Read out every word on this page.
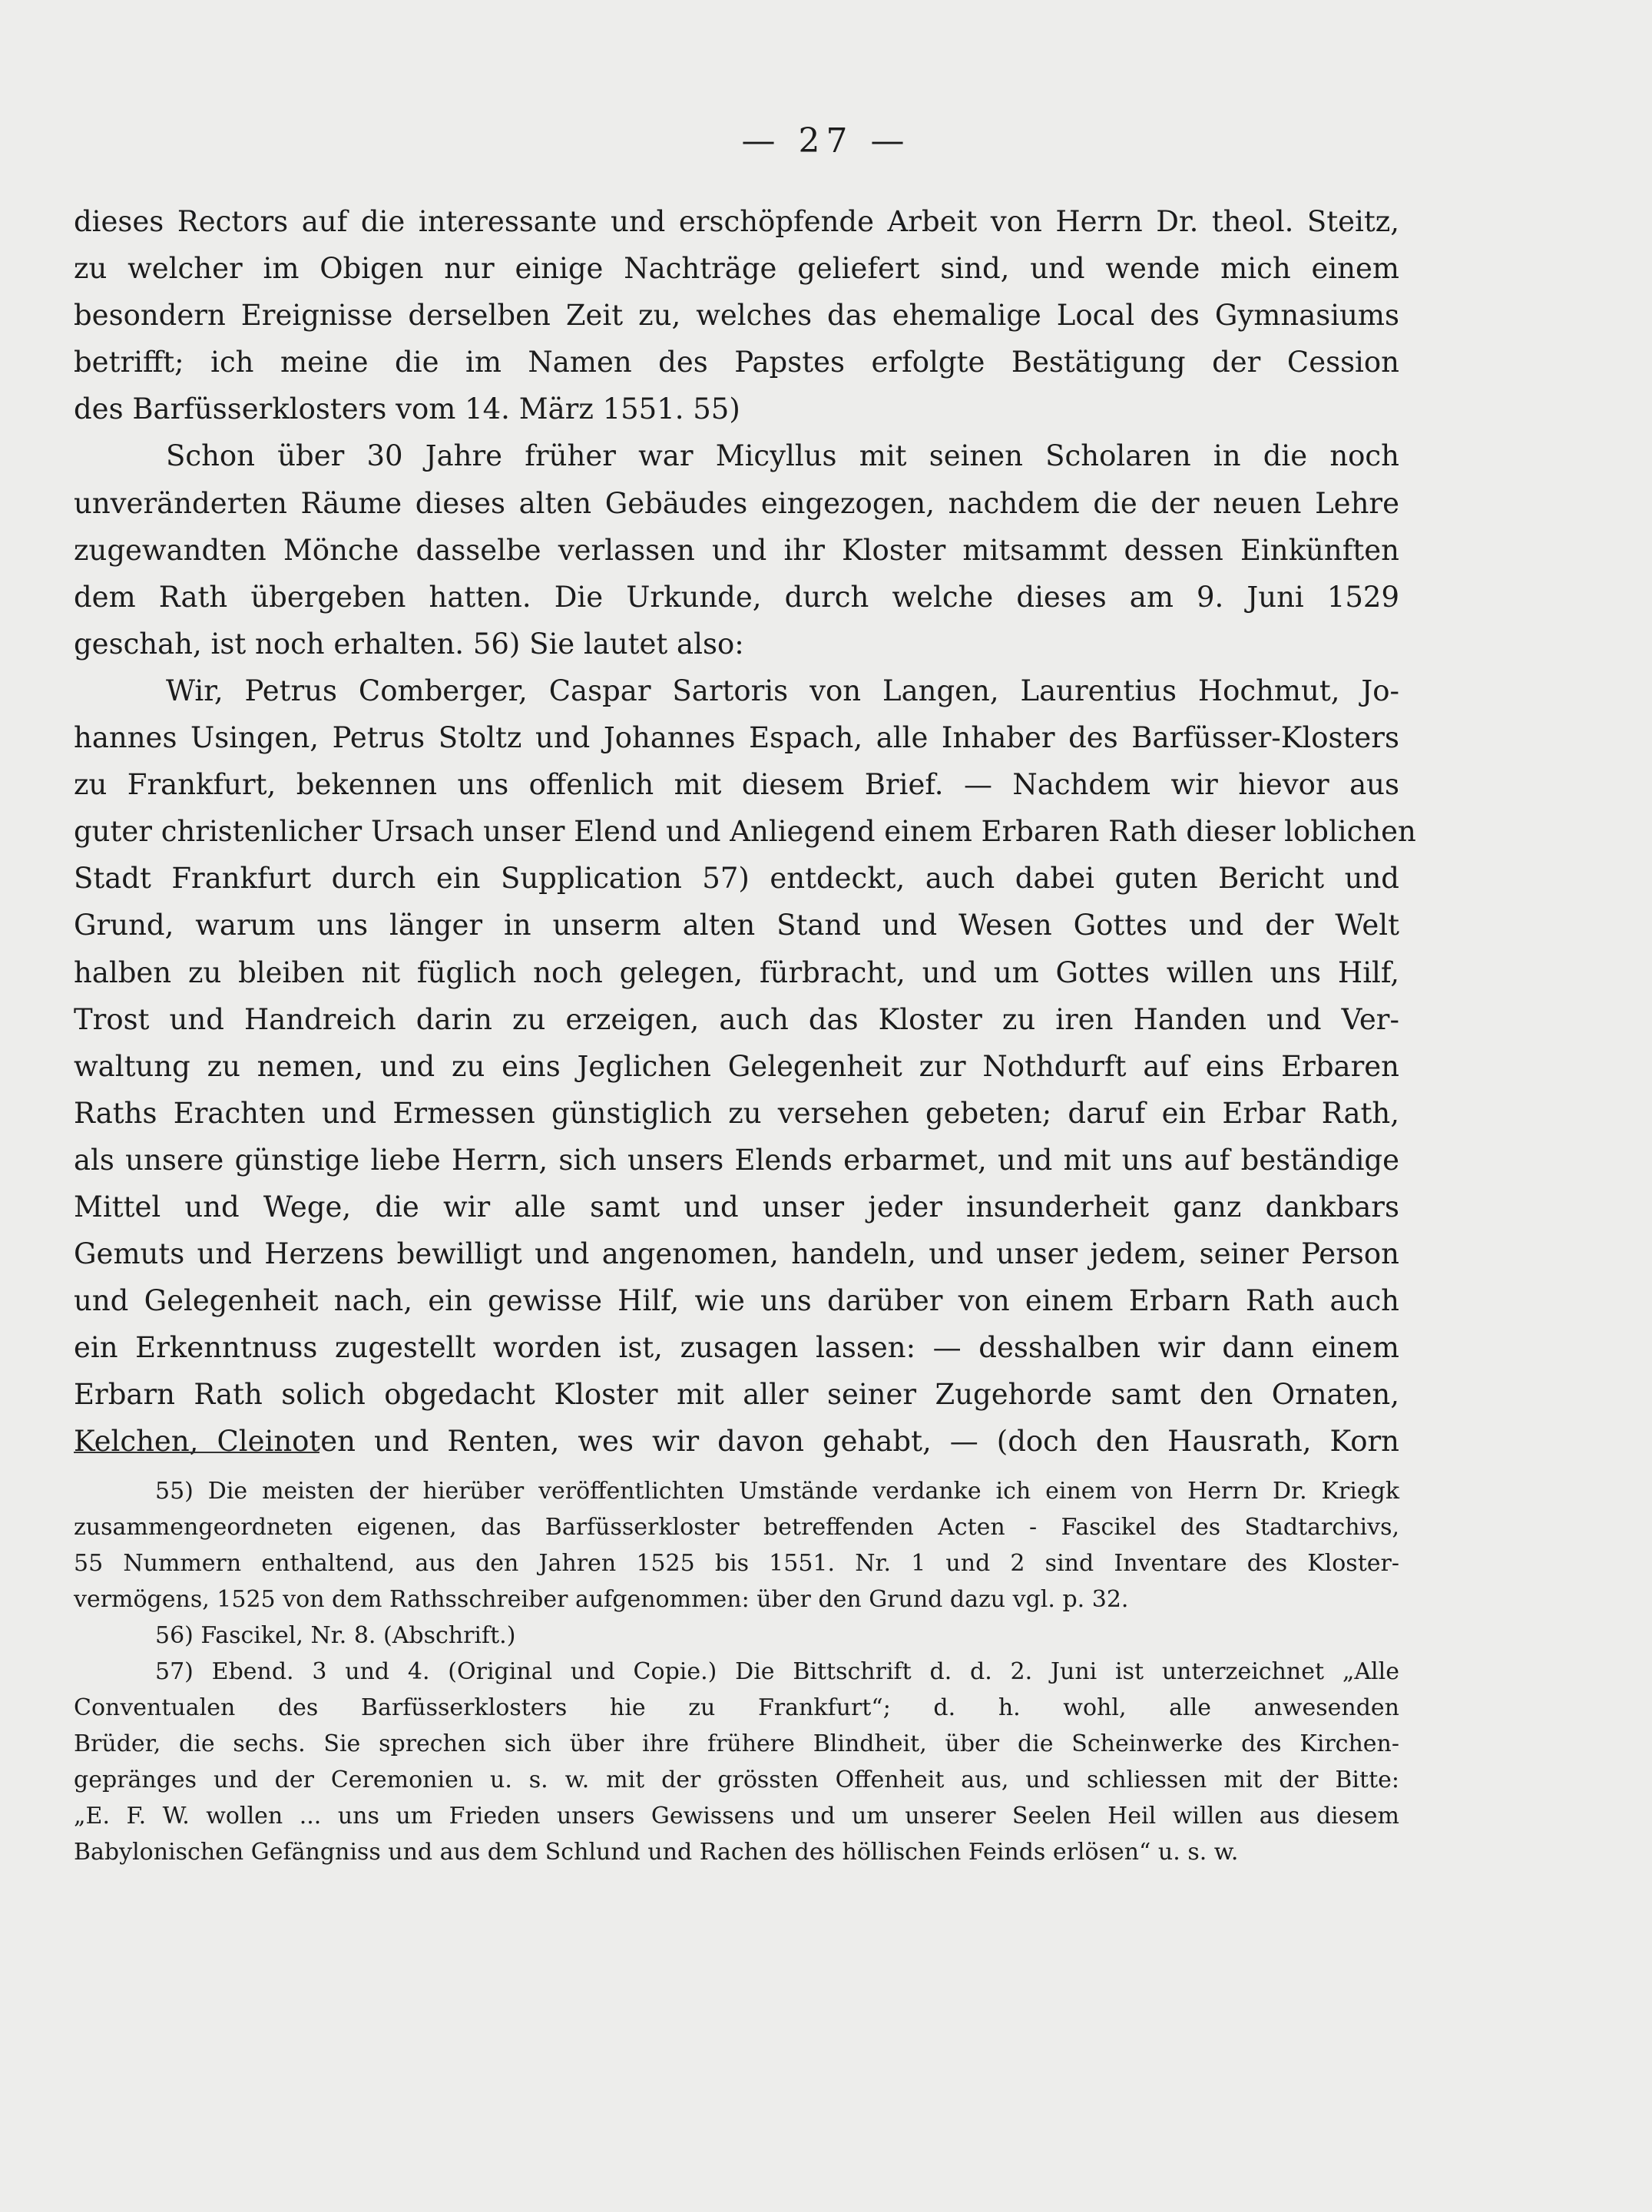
— 27 —
dieses Rectors auf die interessante und erschöpfende Arbeit von Herrn Dr. theol. Steitz,
zu welcher im Obigen nur einige Nachträge geliefert sind, und wende mich einem
besondern Ereignisse derselben Zeit zu, welches das ehemalige Local des Gymnasiums
betrifft; ich meine die im Namen des Papstes erfolgte Bestätigung der Cession
des Barfüsserklosters vom 14. März 1551. 55)
Schon über 30 Jahre früher war Micyllus mit seinen Scholaren in die noch
unveränderten Räume dieses alten Gebäudes eingezogen, nachdem die der neuen Lehre
zugewandten Mönche dasselbe verlassen und ihr Kloster mitsammt dessen Einkünften
dem Rath übergeben hatten. Die Urkunde, durch welche dieses am 9. Juni 1529
geschah, ist noch erhalten. 56) Sie lautet also:
Wir, Petrus Comberger, Caspar Sartoris von Langen, Laurentius Hochmut, Jo-
hannes Usingen, Petrus Stoltz und Johannes Espach, alle Inhaber des Barfüsser-Klosters
zu Frankfurt, bekennen uns offenlich mit diesem Brief. — Nachdem wir hievor aus
guter christenlicher Ursach unser Elend und Anliegend einem Erbaren Rath dieser loblichen
Stadt Frankfurt durch ein Supplication 57) entdeckt, auch dabei guten Bericht und
Grund, warum uns länger in unserm alten Stand und Wesen Gottes und der Welt
halben zu bleiben nit füglich noch gelegen, fürbracht, und um Gottes willen uns Hilf,
Trost und Handreich darin zu erzeigen, auch das Kloster zu iren Handen und Ver-
waltung zu nemen, und zu eins Jeglichen Gelegenheit zur Nothdurft auf eins Erbaren
Raths Erachten und Ermessen günstiglich zu versehen gebeten; daruf ein Erbar Rath,
als unsere günstige liebe Herrn, sich unsers Elends erbarmet, und mit uns auf beständige
Mittel und Wege, die wir alle samt und unser jeder insunderheit ganz dankbars
Gemuts und Herzens bewilligt und angenomen, handeln, und unser jedem, seiner Person
und Gelegenheit nach, ein gewisse Hilf, wie uns darüber von einem Erbarn Rath auch
ein Erkenntnuss zugestellt worden ist, zusagen lassen: — desshalben wir dann einem
Erbarn Rath solich obgedacht Kloster mit aller seiner Zugehorde samt den Ornaten,
Kelchen, Cleinoten und Renten, wes wir davon gehabt, — (doch den Hausrath, Korn
55) Die meisten der hierüber veröffentlichten Umstände verdanke ich einem von Herrn Dr. Kriegk
zusammengeordneten eigenen, das Barfüsserkloster betreffenden Acten - Fascikel des Stadtarchivs,
55 Nummern enthaltend, aus den Jahren 1525 bis 1551. Nr. 1 und 2 sind Inventare des Kloster-
vermögens, 1525 von dem Rathsschreiber aufgenommen: über den Grund dazu vgl. p. 32.
56) Fascikel, Nr. 8. (Abschrift.)
57) Ebend. 3 und 4. (Original und Copie.) Die Bittschrift d. d. 2. Juni ist unterzeichnet „Alle
Conventualen des Barfüsserklosters hie zu Frankfurt“; d. h. wohl, alle anwesenden
Brüder, die sechs. Sie sprechen sich über ihre frühere Blindheit, über die Scheinwerke des Kirchen-
gepränges und der Ceremonien u. s. w. mit der grössten Offenheit aus, und schliessen mit der Bitte:
„E. F. W. wollen ... uns um Frieden unsers Gewissens und um unserer Seelen Heil willen aus diesem
Babylonischen Gefängniss und aus dem Schlund und Rachen des höllischen Feinds erlösen“ u. s. w.
